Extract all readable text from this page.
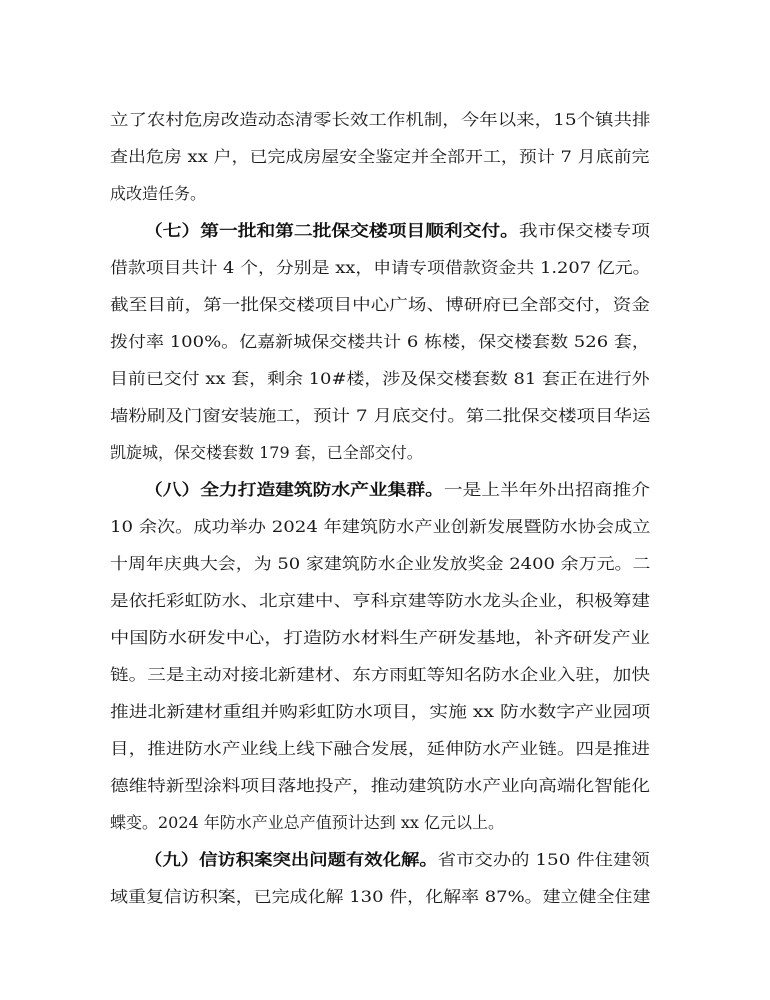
立了农村危房改造动态清零长效工作机制，今年以来，15个镇共排
查出危房 xx 户，已完成房屋安全鉴定并全部开工，预计 7 月底前完
成改造任务。
（七）第一批和第二批保交楼项目顺利交付。我市保交楼专项
借款项目共计 4 个，分别是 xx，申请专项借款资金共 1.207 亿元。
截至目前，第一批保交楼项目中心广场、博研府已全部交付，资金
拨付率 100%。亿嘉新城保交楼共计 6 栋楼，保交楼套数 526 套，
目前已交付 xx 套，剩余 10#楼，涉及保交楼套数 81 套正在进行外
墙粉刷及门窗安装施工，预计 7 月底交付。第二批保交楼项目华运
凯旋城，保交楼套数 179 套，已全部交付。
（八）全力打造建筑防水产业集群。一是上半年外出招商推介
10 余次。成功举办 2024 年建筑防水产业创新发展暨防水协会成立
十周年庆典大会，为 50 家建筑防水企业发放奖金 2400 余万元。二
是依托彩虹防水、北京建中、亨科京建等防水龙头企业，积极筹建
中国防水研发中心，打造防水材料生产研发基地，补齐研发产业
链。三是主动对接北新建材、东方雨虹等知名防水企业入驻，加快
推进北新建材重组并购彩虹防水项目，实施 xx 防水数字产业园项
目，推进防水产业线上线下融合发展，延伸防水产业链。四是推进
德维特新型涂料项目落地投产，推动建筑防水产业向高端化智能化
蝶变。2024 年防水产业总产值预计达到 xx 亿元以上。
（九）信访积案突出问题有效化解。省市交办的 150 件住建领
域重复信访积案，已完成化解 130 件，化解率 87%。建立健全住建
